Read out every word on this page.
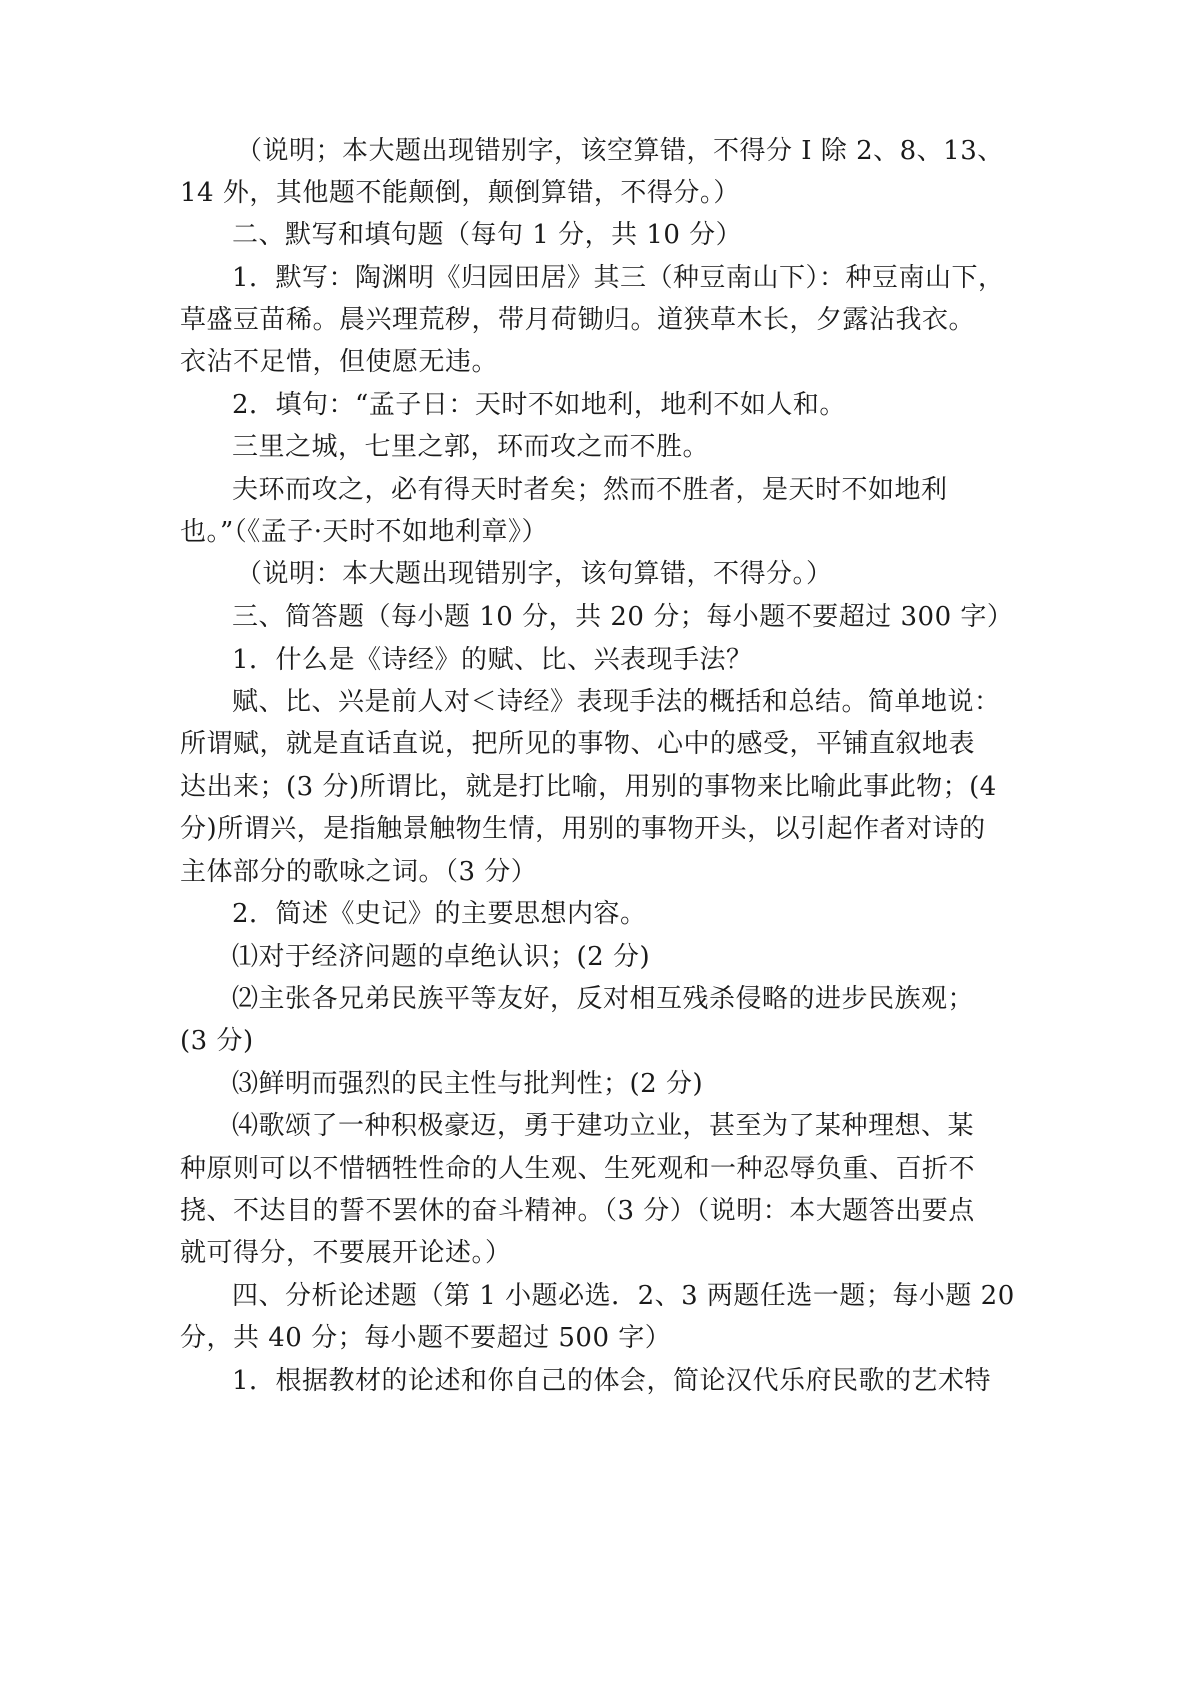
（说明；本大题出现错别字，该空算错，不得分 I 除 2、8、13、
14 外，其他题不能颠倒，颠倒算错，不得分。）
二、默写和填句题（每句 1 分，共 10 分）
1．默写：陶渊明《归园田居》其三（种豆南山下）：种豆南山下，
草盛豆苗稀。晨兴理荒秽，带月荷锄归。道狭草木长，夕露沾我衣。
衣沾不足惜，但使愿无违。
2．填句：“孟子日：天时不如地利，地利不如人和。
三里之城，七里之郭，环而攻之而不胜。
夫环而攻之，必有得天时者矣；然而不胜者，是天时不如地利
也。”（《孟子·天时不如地利章》）
（说明：本大题出现错别字，该句算错，不得分。）
三、简答题（每小题 10 分，共 20 分；每小题不要超过 300 字）
1．什么是《诗经》的赋、比、兴表现手法？
赋、比、兴是前人对＜诗经》表现手法的概括和总结。简单地说：
所谓赋，就是直话直说，把所见的事物、心中的感受，平铺直叙地表
达出来；(3 分)所谓比，就是打比喻，用别的事物来比喻此事此物；(4
分)所谓兴，是指触景触物生情，用别的事物开头，以引起作者对诗的
主体部分的歌咏之词。（3 分）
2．简述《史记》的主要思想内容。
⑴对于经济问题的卓绝认识；(2 分)
⑵主张各兄弟民族平等友好，反对相互残杀侵略的进步民族观；
(3 分)
⑶鲜明而强烈的民主性与批判性；(2 分)
⑷歌颂了一种积极豪迈，勇于建功立业，甚至为了某种理想、某
种原则可以不惜牺牲性命的人生观、生死观和一种忍辱负重、百折不
挠、不达目的誓不罢休的奋斗精神。（3 分）（说明：本大题答出要点
就可得分，不要展开论述。）
四、分析论述题（第 1 小题必选．2、3 两题任选一题；每小题 20
分，共 40 分；每小题不要超过 500 字）
1．根据教材的论述和你自己的体会，简论汉代乐府民歌的艺术特
